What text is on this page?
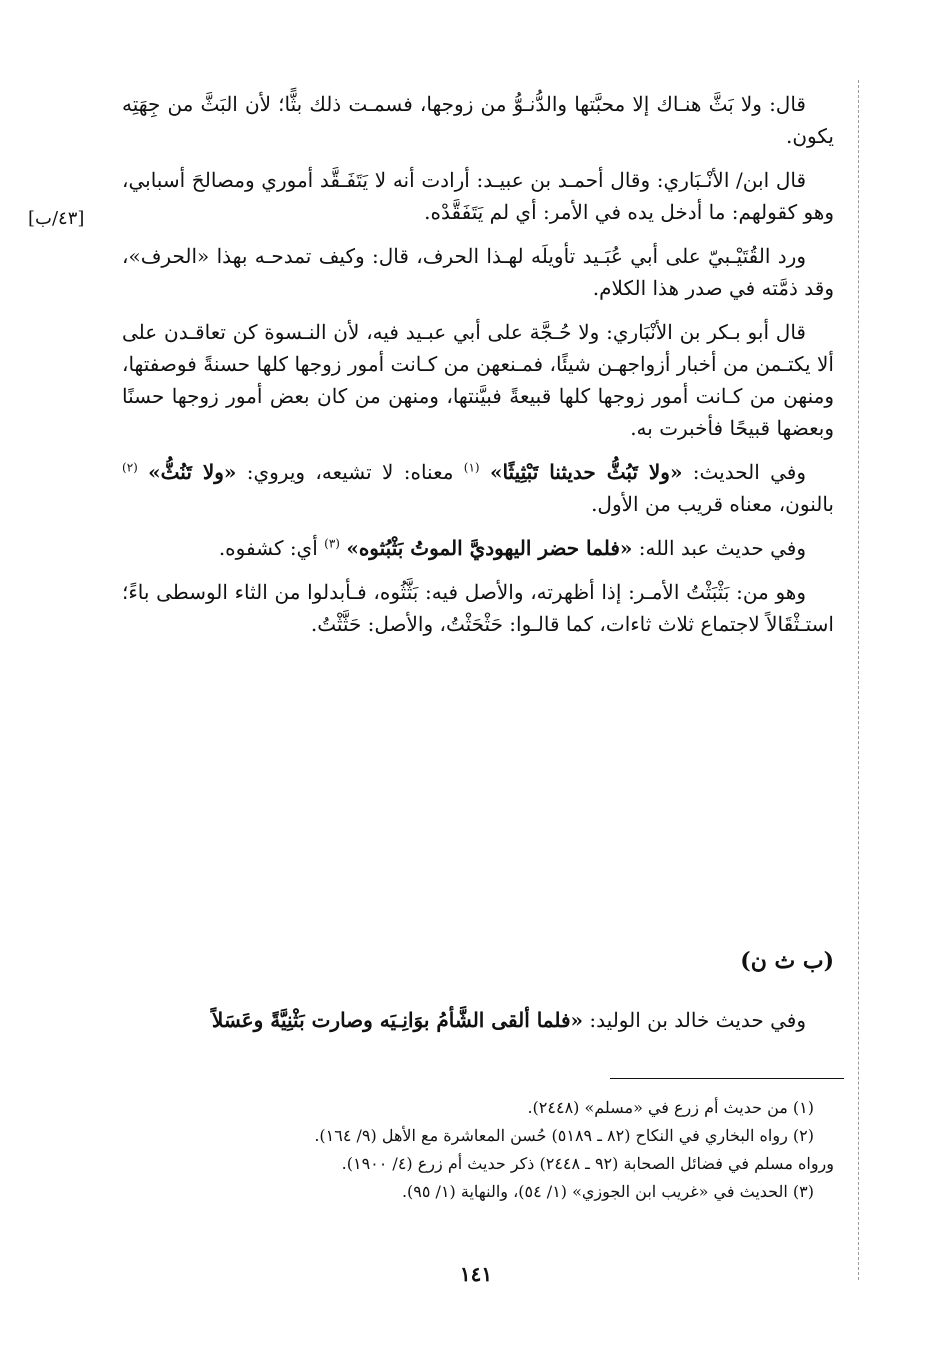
[٤٣/ب]

قال: ولا بَثَّ هنـاك إلا محبَّتها والدُّنـوُّ من زوجها، فسمـت ذلك بثًّا؛ لأن البَثَّ من جِهَتِه يكون.

قال ابن/ الأنْـبَاري: وقال أحمـد بن عبيـد: أرادت أنه لا يَتَفَـقَّد أموري ومصالحَ أسبابي، وهو كقولهم: ما أدخل يده في الأمر: أي لم يَتَفَقَّدْه.

ورد القُتَيْـبيّ على أبي عُبَـيد تأويلَه لهـذا الحرف، قال: وكيف تمدحـه بهذا «الحرف»، وقد ذمَّته في صدر هذا الكلام.

قال أبو بـكر بن الأنْبَاري: ولا حُـجَّة على أبي عبـيد فيه، لأن النـسوة كن تعاقـدن على ألا يكتـمن من أخبار أزواجهـن شيئًا، فمـنعهن من كـانت أمور زوجها كلها حسنةً فوصفتها، ومنهن من كـانت أمور زوجها كلها قبيعةً فبيَّنتها، ومنهن من كان بعض أمور زوجها حسنًا وبعضها قبيحًا فأخبرت به.

وفي الحديث: «ولا تَبُثُّ حديثنا تَبْثِيثًا» $^{(١)}$ معناه: لا تشيعه، ويروي: «ولا تَنُثُّ» $^{(٢)}$ بالنون، معناه قريب من الأول.

وفي حديث عبد الله: «فلما حضر اليهوديَّ الموتُ بَثْبُثوه» $^{(٣)}$ أي: كشفوه.

وهو من: بَثْبَثْتُ الأمـر: إذا أظهرته، والأصل فيه: بَثَّثُوه، فـأبدلوا من الثاء الوسطى باءً؛ استـثْقَالاً لاجتماع ثلاث ثاءات، كما قالـوا: حَثْحَثْتُ، والأصل: حَثَّثْتُ.

(ب ث ن)

وفي حديث خالد بن الوليد: «فلما ألقى الشَّأمُ بوَانِـيَه وصارت بَثْنِيَّةً وعَسَلاً

(١) من حديث أم زرع في «مسلم» (٢٤٤٨).

(٢) رواه البخاري في النكاح (٨٢ ـ ٥١٨٩) حُسن المعاشرة مع الأهل (٩/ ١٦٤).

ورواه مسلم في فضائل الصحابة (٩٢ ـ ٢٤٤٨) ذكر حديث أم زرع (٤/ ١٩٠٠).

(٣) الحديث في «غريب ابن الجوزي» (١/ ٥٤)، والنهاية (١/ ٩٥).

١٤١
